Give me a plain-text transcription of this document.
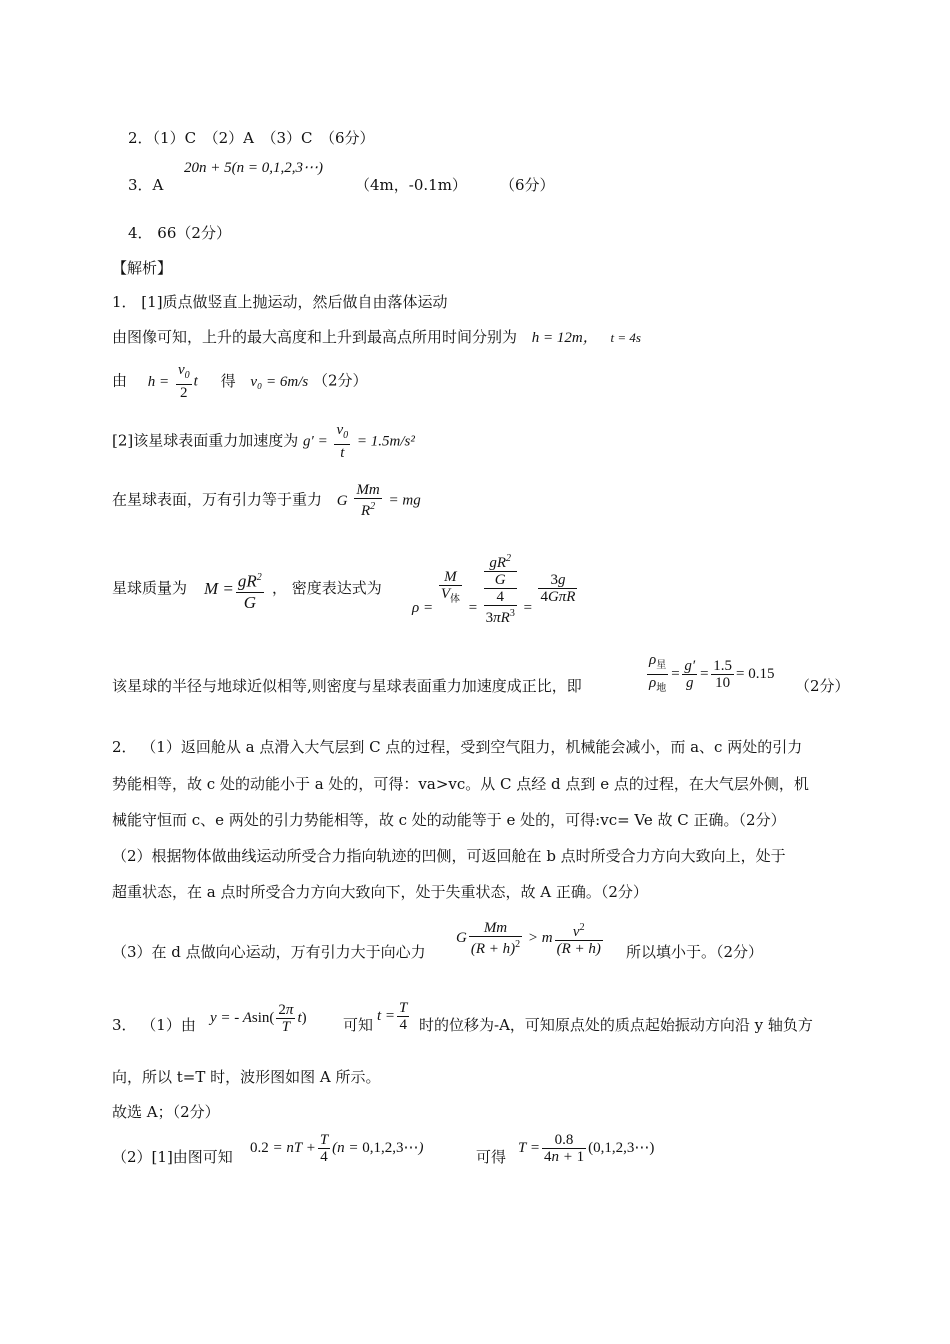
2．（1）C　（2）A　（3）C　（6分）
3．A
20n + 5(n = 0,1,2,3⋯)
（4m，-0.1m） （6分）
4． 66（2分）
【解析】
1． [1]质点做竖直上抛运动，然后做自由落体运动
由图像可知，上升的最大高度和上升到最高点所用时间分别为 h = 12m， t = 4s
由 $h = \frac{v_0}{2}$ t 得 v₀ = 6m/s （2分）
[2]该星球表面重力加速度为 $g' = \frac{v_0}{t} = 1.5m/s^2$
在星球表面，万有引力等于重力 G $\frac{Mm}{R^2}$ = mg
星球质量为 $M = \frac{gR^2}{G}$ ， 密度表达式为
ρ =
M
$V_体$
=
$gR^2$
G
4
$3\pi R^3$ =
3g
4GπR
该星球的半径与地球近似相等,则密度与星球表面重力加速度成正比，即
$\rho_星$
$\rho_地$
= $\frac{g'}{g} = \frac{1.5}{10} = 0.15$
（2分）
2． （1）返回舱从 a 点滑入大气层到 C 点的过程，受到空气阻力，机械能会减小，而 a、c 两处的引力
势能相等，故 c 处的动能小于 a 处的，可得：va>vc。从 C 点经 d 点到 e 点的过程，在大气层外侧，机
械能守恒而 c、e 两处的引力势能相等，故 c 处的动能等于 e 处的，可得:vc= Ve 故 C 正确。（2分）
（2）根据物体做曲线运动所受合力指向轨迹的凹侧，可返回舱在 b 点时所受合力方向大致向上，处于
超重状态，在 a 点时所受合力方向大致向下，处于失重状态，故 A 正确。（2分）
（3）在 d 点做向心运动，万有引力大于向心力
G $\frac{Mm}{(R + h)^2} > m \frac{v^2}{(R + h)}$ 所以填小于。（2分）
3． （1）由 y = - $Asin( \frac{2\pi}{T} t)$ 可知
$t = \frac{T}{4}$ 时的位移为-A，可知原点处的质点起始振动方向沿 y 轴负方
向，所以 t=T 时，波形图如图 A 所示。
故选 A；（2分）
（2）[1]由图可知
0.2 = nT + $\frac{T}{4} (n$ = 0,1,2,3⋯)
可得
$T = \frac{0.8}{4n + 1}$ (0,1,2,3⋯)
